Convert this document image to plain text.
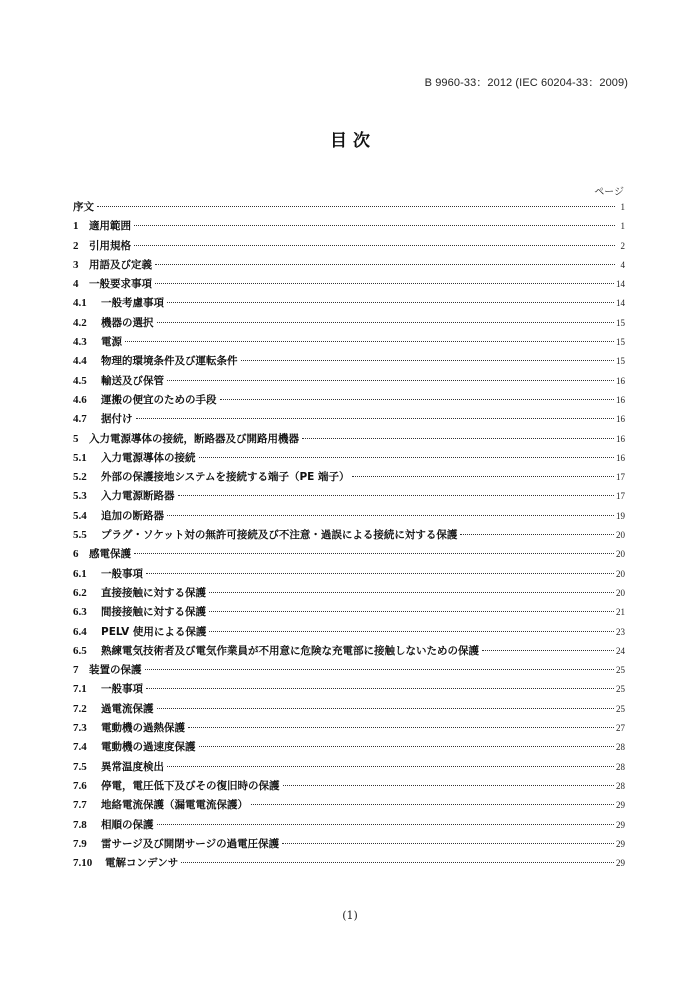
B 9960-33：2012 (IEC 60204-33：2009)
目 次
ページ
序文	1
1	適用範囲	1
2	引用規格	2
3	用語及び定義	4
4	一般要求事項	14
4.1	一般考慮事項	14
4.2	機器の選択	15
4.3	電源	15
4.4	物理的環境条件及び運転条件	15
4.5	輸送及び保管	16
4.6	運搬の便宜のための手段	16
4.7	据付け	16
5	入力電源導体の接続，断路器及び開路用機器	16
5.1	入力電源導体の接続	16
5.2	外部の保護接地システムを接続する端子（PE 端子）	17
5.3	入力電源断路器	17
5.4	追加の断路器	19
5.5	プラグ・ソケット対の無許可接続及び不注意・過誤による接続に対する保護	20
6	感電保護	20
6.1	一般事項	20
6.2	直接接触に対する保護	20
6.3	間接接触に対する保護	21
6.4	PELV 使用による保護	23
6.5	熟練電気技術者及び電気作業員が不用意に危険な充電部に接触しないための保護	24
7	装置の保護	25
7.1	一般事項	25
7.2	過電流保護	25
7.3	電動機の過熱保護	27
7.4	電動機の過速度保護	28
7.5	異常温度検出	28
7.6	停電，電圧低下及びその復旧時の保護	28
7.7	地絡電流保護（漏電電流保護）	29
7.8	相順の保護	29
7.9	雷サージ及び開閉サージの過電圧保護	29
7.10	電解コンデンサ	29
(1)
